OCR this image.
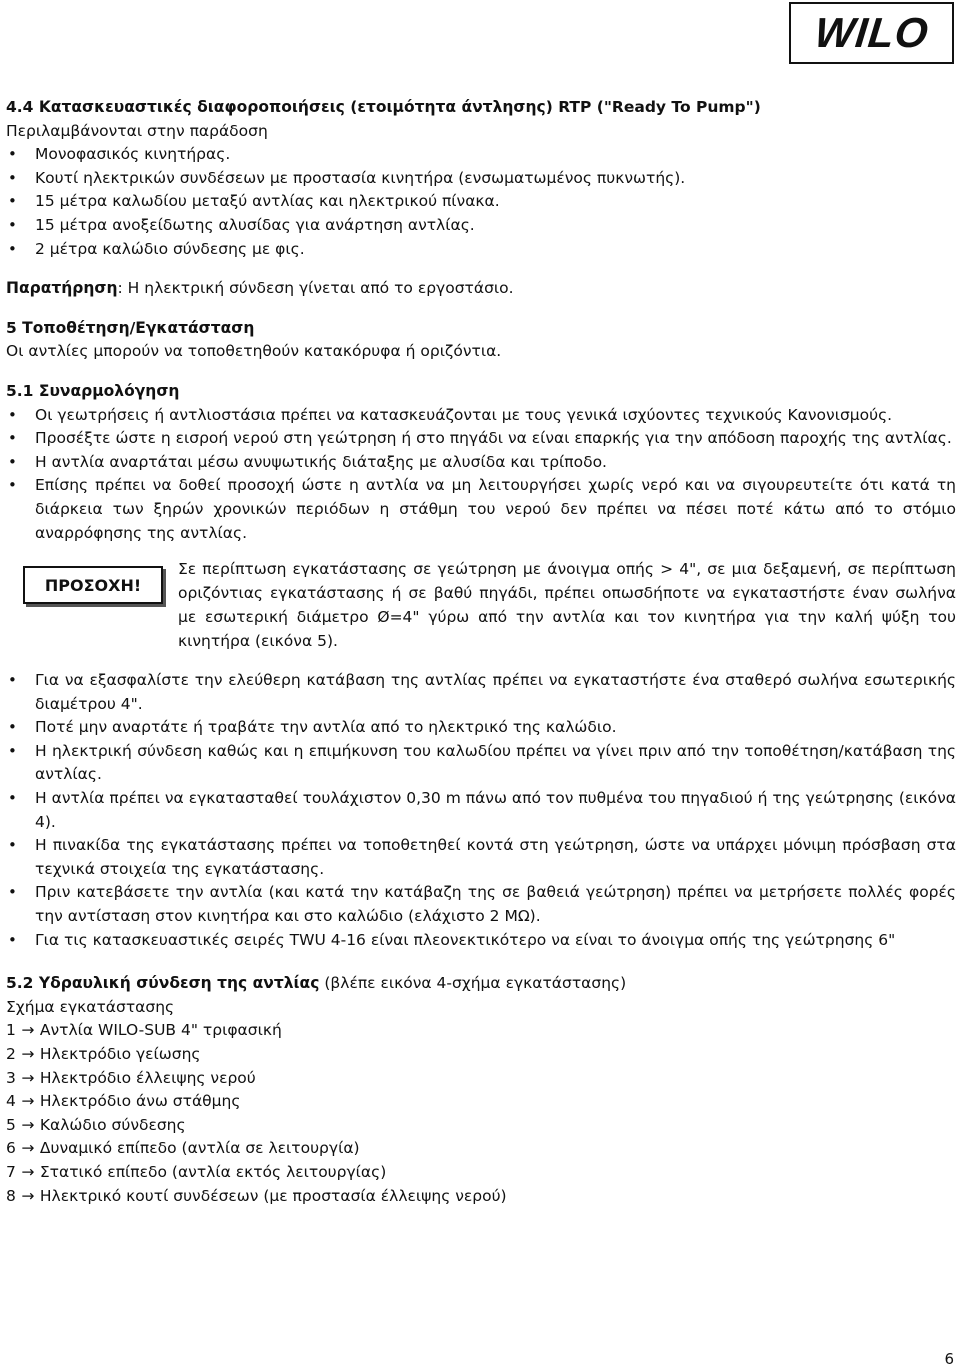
WILO
4.4 Κατασκευαστικές διαφοροποιήσεις (ετοιμότητα άντλησης) RTP ("Ready To Pump")
Περιλαμβάνονται στην παράδοση
• Μονοφασικός κινητήρας.
• Κουτί ηλεκτρικών συνδέσεων με προστασία κινητήρα (ενσωματωμένος πυκνωτής).
• 15 μέτρα καλωδίου μεταξύ αντλίας και ηλεκτρικού πίνακα.
• 15 μέτρα ανοξείδωτης αλυσίδας για ανάρτηση αντλίας.
• 2 μέτρα καλώδιο σύνδεσης με φις.
Παρατήρηση: Η ηλεκτρική σύνδεση γίνεται από το εργοστάσιο.
5 Τοποθέτηση/Εγκατάσταση
Οι αντλίες μπορούν να τοποθετηθούν κατακόρυφα ή οριζόντια.
5.1 Συναρμολόγηση
• Οι γεωτρήσεις ή αντλιοστάσια πρέπει να κατασκευάζονται με τους γενικά ισχύοντες τεχνικούς Κανονισμούς.
• Προσέξτε ώστε η εισροή νερού στη γεώτρηση ή στο πηγάδι να είναι επαρκής για την απόδοση παροχής της αντλίας.
• Η αντλία αναρτάται μέσω ανυψωτικής διάταξης με αλυσίδα και τρίποδο.
• Επίσης πρέπει να δοθεί προσοχή ώστε η αντλία να μη λειτουργήσει χωρίς νερό και να σιγουρευτείτε ότι κατά τη διάρκεια των ξηρών χρονικών περιόδων η στάθμη του νερού δεν πρέπει να πέσει ποτέ κάτω από το στόμιο αναρρόφησης της αντλίας.
ΠΡΟΣΟΧΗ!
Σε περίπτωση εγκατάστασης σε γεώτρηση με άνοιγμα οπής > 4", σε μια δεξαμενή, σε περίπτωση οριζόντιας εγκατάστασης ή σε βαθύ πηγάδι, πρέπει οπωσδήποτε να εγκαταστήστε έναν σωλήνα με εσωτερική διάμετρο Ø=4" γύρω από την αντλία και τον κινητήρα για την καλή ψύξη του κινητήρα (εικόνα 5).
• Για να εξασφαλίστε την ελεύθερη κατάβαση της αντλίας πρέπει να εγκαταστήστε ένα σταθερό σωλήνα εσωτερικής διαμέτρου 4".
• Ποτέ μην αναρτάτε ή τραβάτε την αντλία από το ηλεκτρικό της καλώδιο.
• Η ηλεκτρική σύνδεση καθώς και η επιμήκυνση του καλωδίου πρέπει να γίνει πριν από την τοποθέτηση/κατάβαση της αντλίας.
• Η αντλία πρέπει να εγκατασταθεί τουλάχιστον 0,30 m πάνω από τον πυθμένα του πηγαδιού ή της γεώτρησης (εικόνα 4).
• Η πινακίδα της εγκατάστασης πρέπει να τοποθετηθεί κοντά στη γεώτρηση, ώστε να υπάρχει μόνιμη πρόσβαση στα τεχνικά στοιχεία της εγκατάστασης.
• Πριν κατεβάσετε την αντλία (και κατά την κατάβαζη της σε βαθειά γεώτρηση) πρέπει να μετρήσετε πολλές φορές την αντίσταση στον κινητήρα και στο καλώδιο (ελάχιστο 2 MΩ).
• Για τις κατασκευαστικές σειρές TWU 4-16 είναι πλεονεκτικότερο να είναι το άνοιγμα οπής της γεώτρησης 6"
5.2 Υδραυλική σύνδεση της αντλίας (βλέπε εικόνα 4-σχήμα εγκατάστασης)
Σχήμα εγκατάστασης
1 → Αντλία WILO-SUB 4" τριφασική
2 → Ηλεκτρόδιο γείωσης
3 → Ηλεκτρόδιο έλλειψης νερού
4 → Ηλεκτρόδιο άνω στάθμης
5 → Καλώδιο σύνδεσης
6 → Δυναμικό επίπεδο (αντλία σε λειτουργία)
7 → Στατικό επίπεδο (αντλία εκτός λειτουργίας)
8 → Ηλεκτρικό κουτί συνδέσεων (με προστασία έλλειψης νερού)
6
